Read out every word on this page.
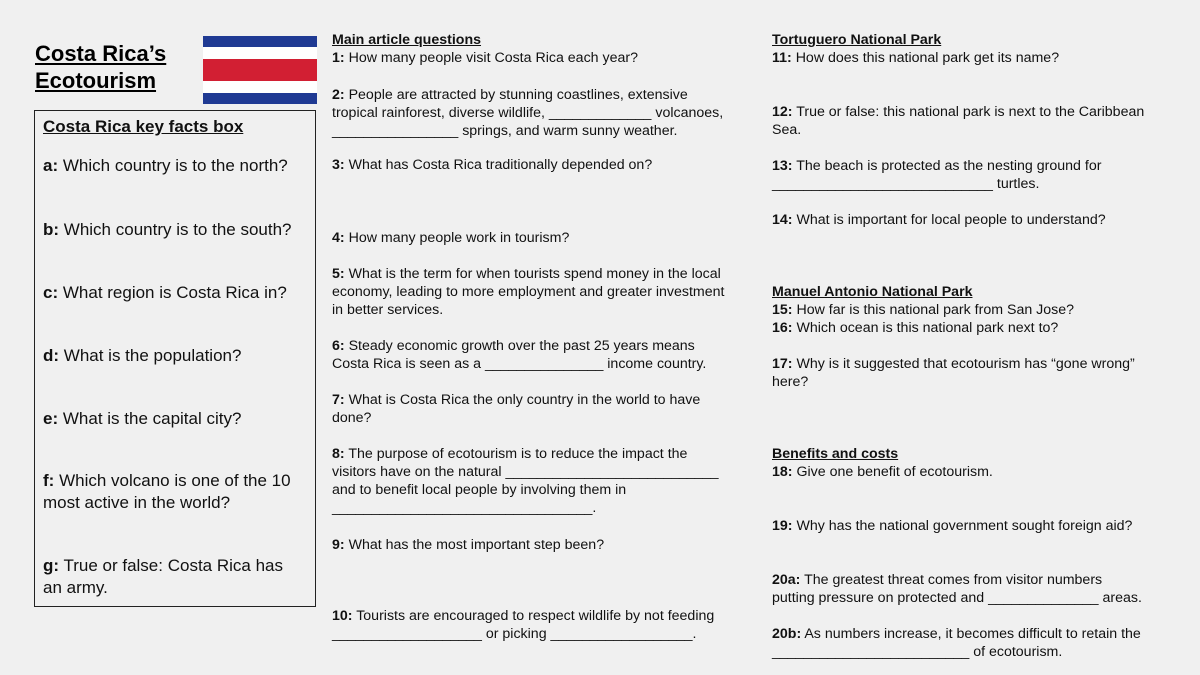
Costa Rica’s
Ecotourism
Costa Rica key facts box
a: Which country is to the north?
b: Which country is to the south?
c: What region is Costa Rica in?
d: What is the population?
e: What is the capital city?
f: Which volcano is one of the 10 most active in the world?
g: True or false: Costa Rica has an army.
Main article questions
1: How many people visit Costa Rica each year?
2: People are attracted by stunning coastlines, extensive
tropical rainforest, diverse wildlife, _____________ volcanoes,
________________ springs, and warm sunny weather.
3: What has Costa Rica traditionally depended on?
4: How many people work in tourism?
5: What is the term for when tourists spend money in the local
economy, leading to more employment and greater investment
in better services.
6: Steady economic growth over the past 25 years means
Costa Rica is seen as a _______________ income country.
7: What is Costa Rica the only country in the world to have
done?
8: The purpose of ecotourism is to reduce the impact the
visitors have on the natural ___________________________
and to benefit local people by involving them in
_________________________________.
9: What has the most important step been?
10: Tourists are encouraged to respect wildlife by not feeding
___________________ or picking __________________.
Tortuguero National Park
11: How does this national park get its name?
12: True or false: this national park is next to the Caribbean
Sea.
13: The beach is protected as the nesting ground for
____________________________ turtles.
14: What is important for local people to understand?
Manuel Antonio National Park
15: How far is this national park from San Jose?
16: Which ocean is this national park next to?
17: Why is it suggested that ecotourism has “gone wrong”
here?
Benefits and costs
18: Give one benefit of ecotourism.
19: Why has the national government sought foreign aid?
20a: The greatest threat comes from visitor numbers
putting pressure on protected and ______________ areas.
20b: As numbers increase, it becomes difficult to retain the
_________________________ of ecotourism.
